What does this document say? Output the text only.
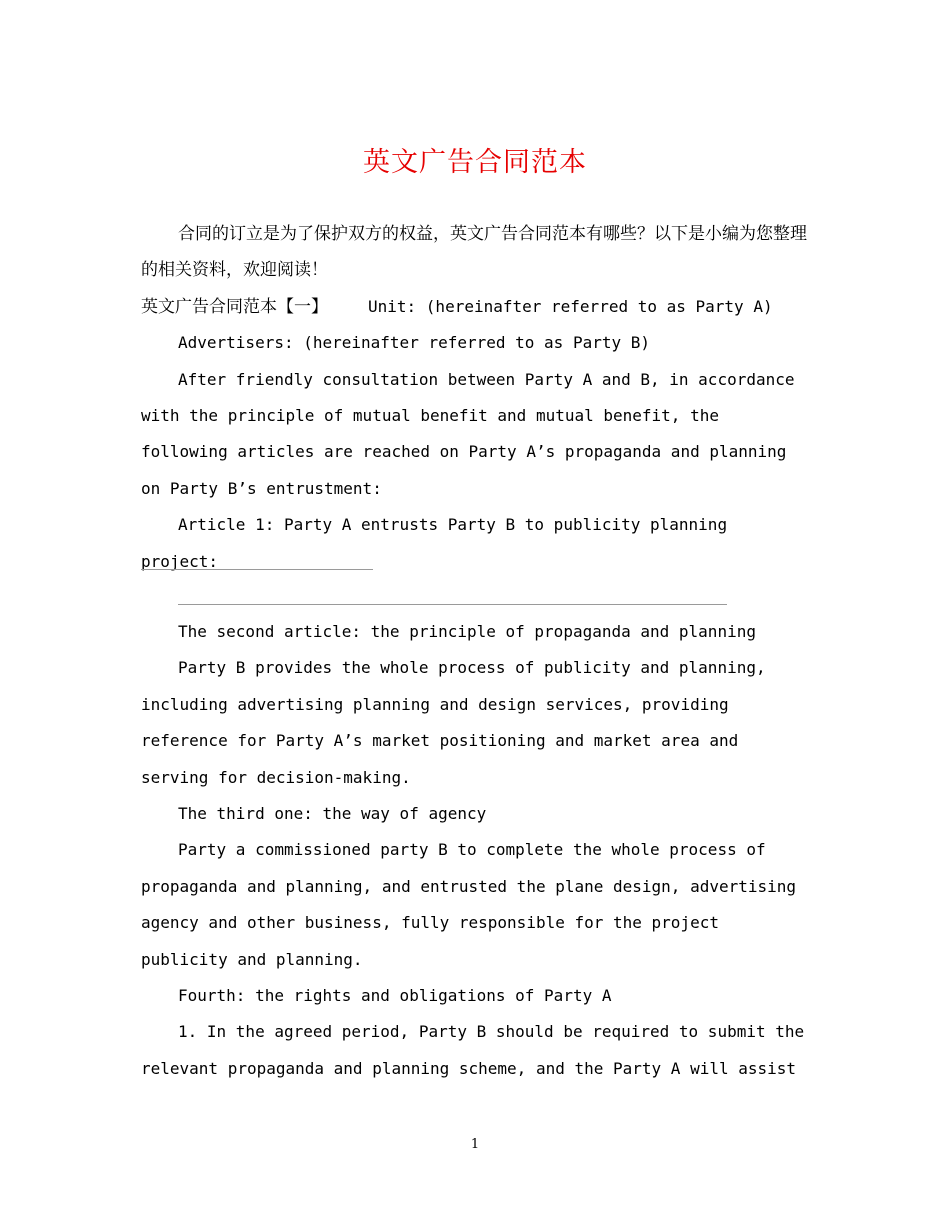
英文广告合同范本

合同的订立是为了保护双方的权益，英文广告合同范本有哪些？以下是小编为您整理的相关资料，欢迎阅读！

英文广告合同范本【一】	Unit: (hereinafter referred to as Party A)

Advertisers: (hereinafter referred to as Party B)

After friendly consultation between Party A and B, in accordance with the principle of mutual benefit and mutual benefit, the following articles are reached on Party A’s propaganda and planning on Party B’s entrustment:

Article 1: Party A entrusts Party B to publicity planning project:

The second article: the principle of propaganda and planning

Party B provides the whole process of publicity and planning, including advertising planning and design services, providing reference for Party A’s market positioning and market area and serving for decision-making.

The third one: the way of agency

Party a commissioned party B to complete the whole process of propaganda and planning, and entrusted the plane design, advertising agency and other business, fully responsible for the project publicity and planning.

Fourth: the rights and obligations of Party A

1. In the agreed period, Party B should be required to submit the relevant propaganda and planning scheme, and the Party A will assist

1
